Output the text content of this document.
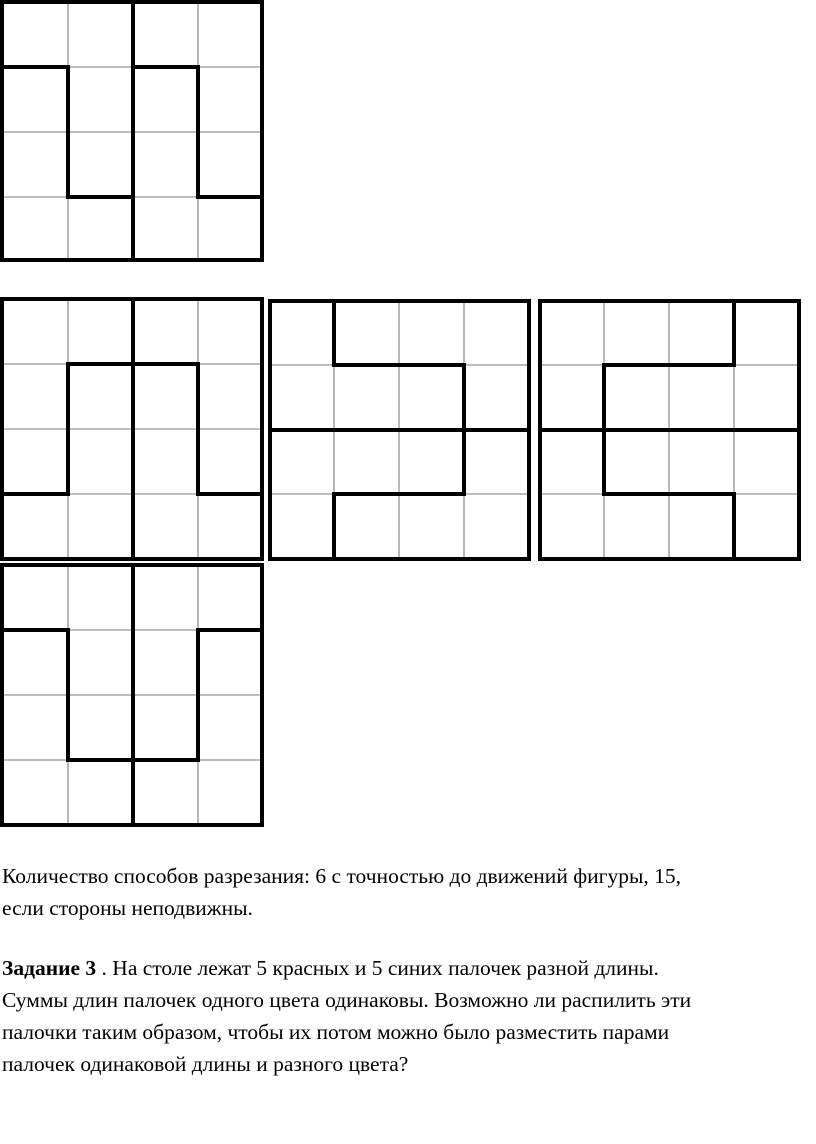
Количество способов разрезания: 6 с точностью до движений фигуры, 15,

если стороны неподвижны.

Задание 3 . На столе лежат 5 красных и 5 синих палочек разной длины.

Суммы длин палочек одного цвета одинаковы. Возможно ли распилить эти

палочки таким образом, чтобы их потом можно было разместить парами

палочек одинаковой длины и разного цвета?
